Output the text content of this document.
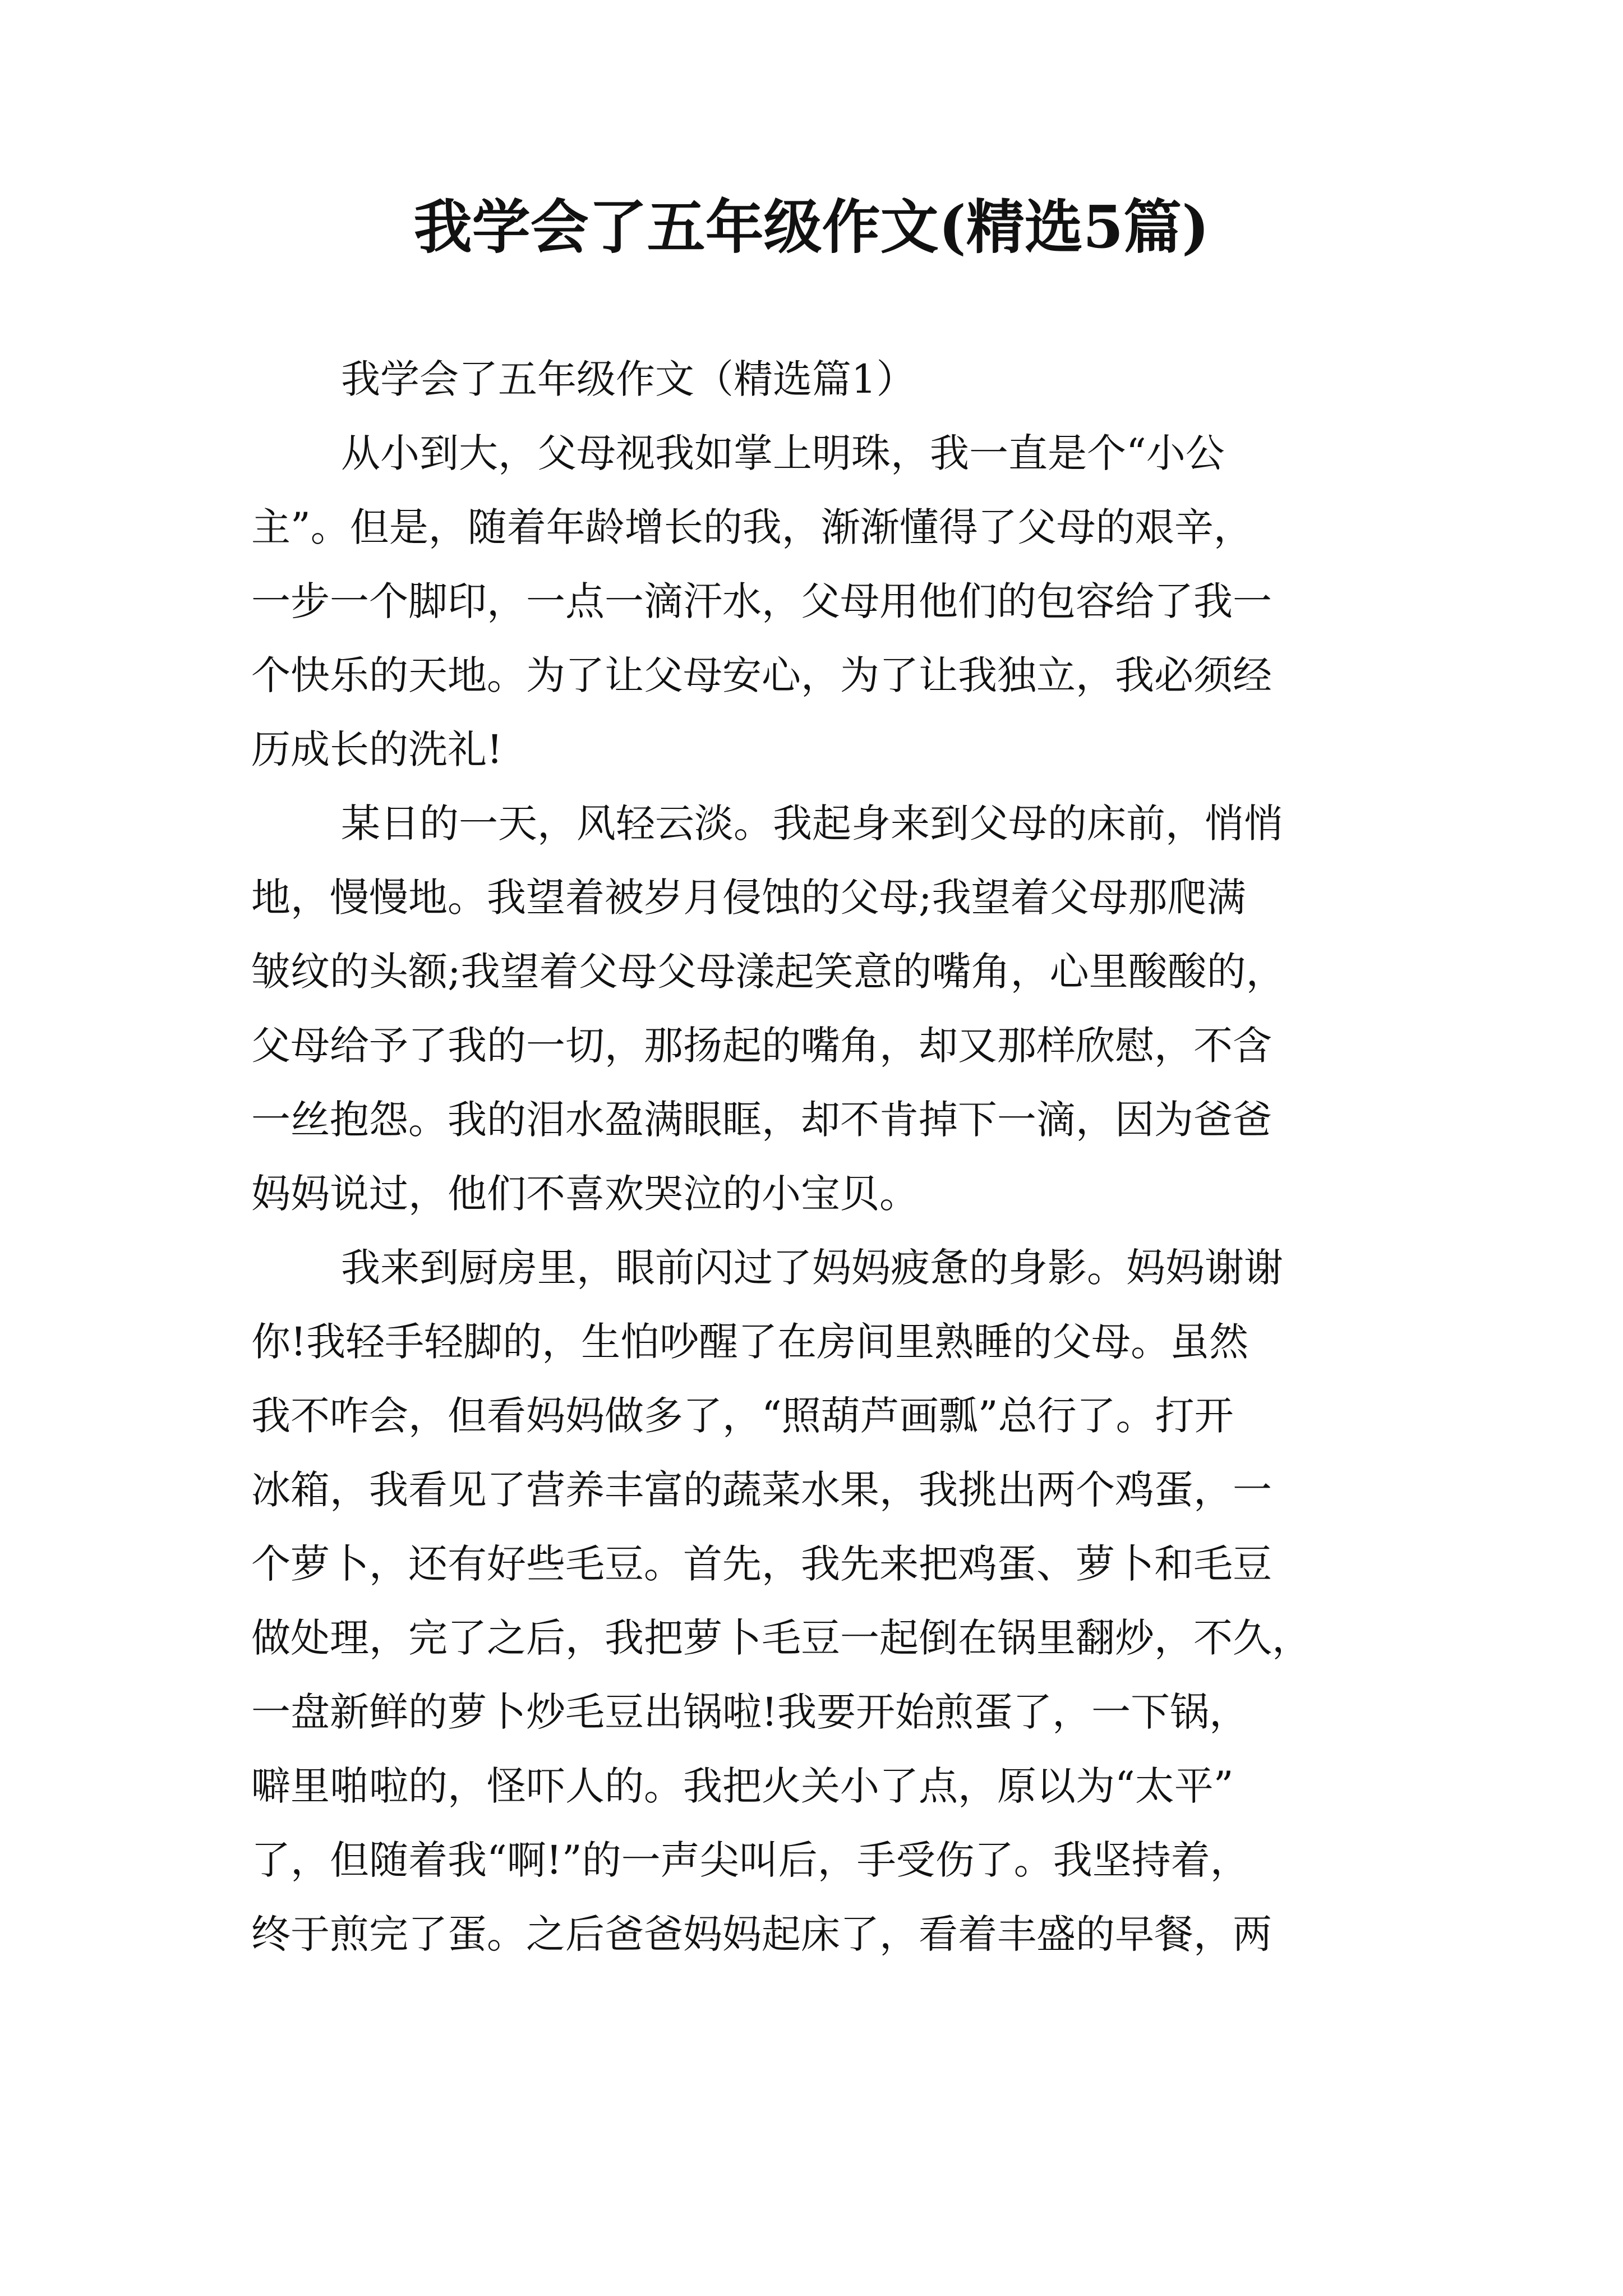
我学会了五年级作文(精选5篇)
我学会了五年级作文（精选篇1）
从小到大，父母视我如掌上明珠，我一直是个“小公
主”。但是，随着年龄增长的我，渐渐懂得了父母的艰辛，
一步一个脚印，一点一滴汗水，父母用他们的包容给了我一
个快乐的天地。为了让父母安心，为了让我独立，我必须经
历成长的洗礼!
某日的一天，风轻云淡。我起身来到父母的床前，悄悄
地，慢慢地。我望着被岁月侵蚀的父母;我望着父母那爬满
皱纹的头额;我望着父母父母漾起笑意的嘴角，心里酸酸的，
父母给予了我的一切，那扬起的嘴角，却又那样欣慰，不含
一丝抱怨。我的泪水盈满眼眶，却不肯掉下一滴，因为爸爸
妈妈说过，他们不喜欢哭泣的小宝贝。
我来到厨房里，眼前闪过了妈妈疲惫的身影。妈妈谢谢
你!我轻手轻脚的，生怕吵醒了在房间里熟睡的父母。虽然
我不咋会，但看妈妈做多了，“照葫芦画瓢”总行了。打开
冰箱，我看见了营养丰富的蔬菜水果，我挑出两个鸡蛋，一
个萝卜，还有好些毛豆。首先，我先来把鸡蛋、萝卜和毛豆
做处理，完了之后，我把萝卜毛豆一起倒在锅里翻炒，不久，
一盘新鲜的萝卜炒毛豆出锅啦!我要开始煎蛋了，一下锅，
噼里啪啦的，怪吓人的。我把火关小了点，原以为“太平”
了，但随着我“啊!”的一声尖叫后，手受伤了。我坚持着，
终于煎完了蛋。之后爸爸妈妈起床了，看着丰盛的早餐，两
